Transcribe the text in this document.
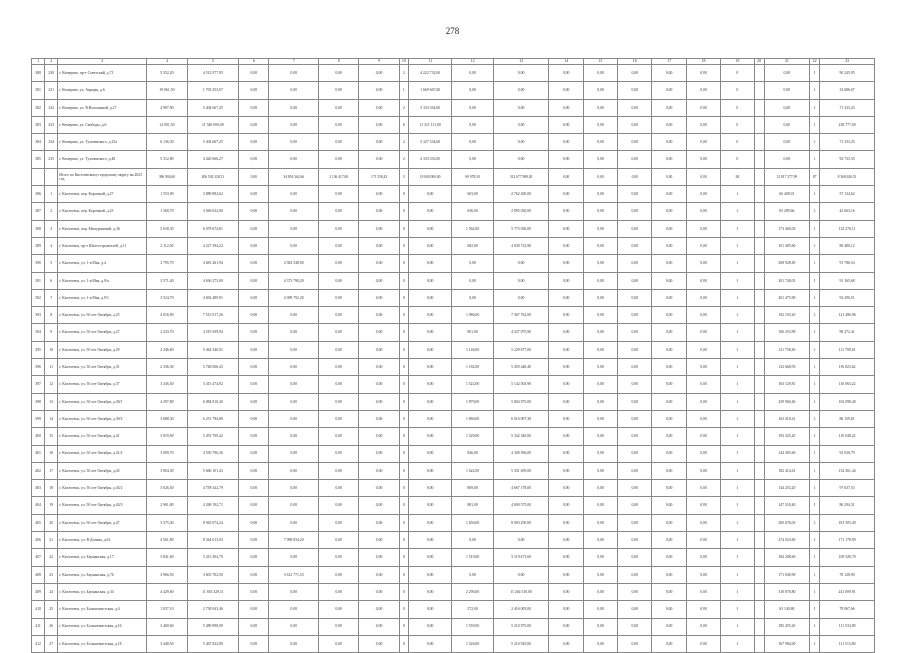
278
1	2	3	4	5	6	7	8	9	10	11	12	13	14	15	16	17	18	19	20	21	22	23
380	230	г. Кемерово, пр-т Советский, д.71	5 552,20	4 512 977,95	0,00	0,00	0,00	0,00	2	4 222 732,00	0,00	0,00	0,00	0,00	0,00	0,00	0,00	0		0,00	1	90 245,95
381	231	г. Кемерово, ул. Авроры, д.6	19 061,50	1 703 353,67	0,00	0,00	0,00	0,00	1	1 669 667,00	0,00	0,00	0,00	0,00	0,00	0,00	0,00	0		0,00	1	33 686,67
382	232	г. Кемерово, ул. В.Волошиной, д.27	4 907,90	5 404 667,25	0,00	0,00	0,00	0,00	2	5 333 334,00	0,00	0,00	0,00	0,00	0,00	0,00	0,00	0		0,00	1	71 333,25
383	233	г. Кемерово, ул. Свободы, д.6	14 001,50	11 540 000,00	0,00	0,00	0,00	0,00	6	11 311 111,00	0,00	0,00	0,00	0,00	0,00	0,00	0,00	0		0,00	1	228 777,00
384	234	г. Кемерово, ул. Тухачевского, д.25а	6 136,30	5 404 667,25	0,00	0,00	0,00	0,00	2	5 327 334,00	0,00	0,00	0,00	0,00	0,00	0,00	0,00	0		0,00	1	71 333,25
385	235	г. Кемерово, ул. Тухачевского, д.48	5 312,80	4 420 066,27	0,00	0,00	0,00	0,00	2	4 333 333,00	0,00	0,00	0,00	0,00	0,00	0,00	0,00	0		0,00	1	92 733,35
		Итого по Киселевскому городскому округу на 2023 год	386 904,60	406 502 328,51	0,00	34 854 362,66	2 136 417,00	171 558,43	5	10 000 000,00	69 978,50	312 677 988,30	0,00	0,00	0,00	0,00	0,00	84		12 817 377,99	87	8 368 626,51
386	1	г. Киселевск, пер. Коротный, д.27	1 553,90	3 889 882,62	0,00	0,00	0,00	0,00	0	0,00	603,00	2 762 200,00	0,00	0,00	0,00	0,00	0,00	1		66 408,01	1	57 134,62
387	2	г. Киселевск, пер. Коротный, д.23	1 560,70	3 046 632,00	0,00	0,00	0,00	0,00	0	0,00	636,00	2 895 030,00	0,00	0,00	0,00	0,00	0,00	1		65 289,66	1	42 663,16
388	3	г. Киселевск, пер. Мичуринский, д.36	5 618,30	6 078 674,81	0,00	0,00	0,00	0,00	0	0,00	1 562,00	5 773 030,00	0,00	0,00	0,00	0,00	0,00	1		173 460,03	1	132 276,11
389	4	г. Киселевск, пр-т Шахтостроителей, д.11	2 112,50	4 227 394,22	0,00	0,00	0,00	0,00	0	0,00	682,00	4 030 723,90	0,00	0,00	0,00	0,00	0,00	1		101 405,60	1	86 480,12
390	5	г. Киселевск, ул. 1-я Мая, д.4	3 795,70	4 681 261,94	0,00	4 382 548,00	0,00	0,00	0	0,00	0,00	0,00	0,00	0,00	0,00	0,00	0,00	1		208 928,49	1	91 786,54
391	6	г. Киселевск, ул. 1-я Мая, д.9/а	3 571,40	4 636 273,00	0,00	4 373 790,20	0,00	0,00	0	0,00	0,00	0,00	0,00	0,00	0,00	0,00	0,00	1		201 740,01	1	91 165,68
392	7	г. Киселевск, ул. 1-я Мая, д.9/1	3 524,70	4 692 489,91	0,00	4 398 792,20	0,00	0,00	0	0,00	0,00	0,00	0,00	0,00	0,00	0,00	0,00	1		201 475,90	1	92 296,51
393	8	г. Киселевск, ул. 50 лет Октября, д.25	4 016,90	7 515 017,26	0,00	0,00	0,00	0,00	0	0,00	1 986,00	7 367 762,00	0,00	0,00	0,00	0,00	0,00	1		192 103,20	1	121 496,96
394	9	г. Киселевск, ул. 50 лет Октября, д.27	2 233,70	4 519 509,94	0,00	0,00	0,00	0,00	0	0,00	901,00	4 527 075,90	0,00	0,00	0,00	0,00	0,00	1		106 253,99	1	98 272,41
395	10	г. Киселевск, ул. 50 лет Октября, д.29	2 246,60	5 462 340,01	0,00	0,00	0,00	0,00	0	0,00	1 146,00	5 229 677,00	0,00	0,00	0,00	0,00	0,00	1		121 758,40	1	111 709,61
396	11	г. Киселевск, ул. 50 лет Октября, д.31	2 336,30	5 748 006,43	0,00	0,00	0,00	0,00	0	0,00	1 182,00	5 459 448,40	0,00	0,00	0,00	0,00	0,00	1		132 668,93	1	116 823,62
397	12	г. Киселевск, ул. 50 лет Октября, д.37	3 436,50	5 415 474,92	0,00	0,00	0,00	0,00	0	0,00	1 522,00	5 142 503,90	0,00	0,00	0,00	0,00	0,00	1		163 129,81	1	110 063,22
398	13	г. Киселевск, ул. 50 лет Октября, д.39/1	4 397,80	6 084 810,40	0,00	0,00	0,00	0,00	0	0,00	1 879,00	5 804 975,00	0,00	0,00	0,00	0,00	0,00	1		259 960,40	1	102 098,40
399	14	г. Киселевск, ул. 50 лет Октября, д.39/2	3 688,30	6 251 794,80	0,00	0,00	0,00	0,00	0	0,00	1 860,00	6 016 007,30	0,00	0,00	0,00	0,00	0,00	1		163 418,41	1	86 159,01
400	15	г. Киселевск, ул. 50 лет Октября, д.41	3 819,90	5 453 709,42	0,00	0,00	0,00	0,00	0	0,00	1 520,00	5 342 340,00	0,00	0,00	0,00	0,00	0,00	1		193 325,20	1	110 048,22
401	16	г. Киселевск, ул. 50 лет Октября, д.41/2	3 009,70	4 530 796,36	0,00	0,00	0,00	0,00	0	0,00	846,00	4 300 506,00	0,00	0,00	0,00	0,00	0,00	1		144 405,60	1	92 030,79
402	17	г. Киселевск, ул. 50 лет Октября, д.43	3 804,30	5 666 101,43	0,00	0,00	0,00	0,00	0	0,00	1 622,00	5 351 659,00	0,00	0,00	0,00	0,00	0,00	1		182 414,61	1	132 361,44
403	18	г. Киселевск, ул. 50 лет Октября, д.43/2	3 026,50	4 758 342,79	0,00	0,00	0,00	0,00	0	0,00	869,00	4 667 178,00	0,00	0,00	0,00	0,00	0,00	1		144 253,20	1	97 637,53
404	19	г. Киселевск, ул. 50 лет Октября, д.43/3	2 961,80	4 268 192,71	0,00	0,00	0,00	0,00	0	0,00	881,00	4 000 575,00	0,00	0,00	0,00	0,00	0,00	1		147 318,40	1	86 294,31
405	20	г. Киселевск, ул. 50 лет Октября, д.47	3 575,40	8 945 074,24	0,00	0,00	0,00	0,00	0	0,00	1 650,00	8 903 250,00	0,00	0,00	0,00	0,00	0,00	1		200 676,03	1	181 505,49
406	21	г. Киселевск, ул. В.Дозина, д.62	4 561,80	8 344 013,03	0,00	7 998 834,20	0,00	0,00	0	0,00	0,00	0,00	0,00	0,00	0,00	0,00	0,00	1		274 023,60	1	171 178,99
407	22	г. Киселевск, ул. Бауманская, д.17	3 841,60	5 413 304,70	0,00	0,00	0,00	0,00	0	0,00	1 519,00	5 119 473,60	0,00	0,00	0,00	0,00	0,00	1		184 208,60	1	109 526,70
408	23	г. Киселевск, ул. Бауманская, д.76	3 966,50	3 603 702,50	0,00	3 612 771,53	0,00	0,00	0	0,00	0,00	0,00	0,00	0,00	0,00	0,00	0,00	1		171 840,90	1	78 128,90
409	24	г. Киселевск, ул. Бауманская, д.34	4 429,60	11 816 329,11	0,00	0,00	0,00	0,00	0	0,00	2 290,00	11 264 510,00	0,00	0,00	0,00	0,00	0,00	1		310 878,80	1	241 009,91
410	25	г. Киселевск, ул. Большевистская, д.4	1 837,10	2 738 043,46	0,00	0,00	0,00	0,00	0	0,00	572,00	2 416 005,00	0,00	0,00	0,00	0,00	0,00	1		63 140,80	1	78 067,66
411	26	г. Киселевск, ул. Большевистская, д.16	3 469,60	5 489 898,09	0,00	0,00	0,00	0,00	0	0,00	1 559,00	5 210 975,00	0,00	0,00	0,00	0,00	0,00	1		185 455,20	1	111 533,89
412	27	г. Киселевск, ул. Большевистская, д.18	3 448,50	5 467 822,80	0,00	0,00	0,00	0,00	0	0,00	1 526,00	5 210 925,00	0,00	0,00	0,00	0,00	0,00	1		167 984,00	1	111 513,80
